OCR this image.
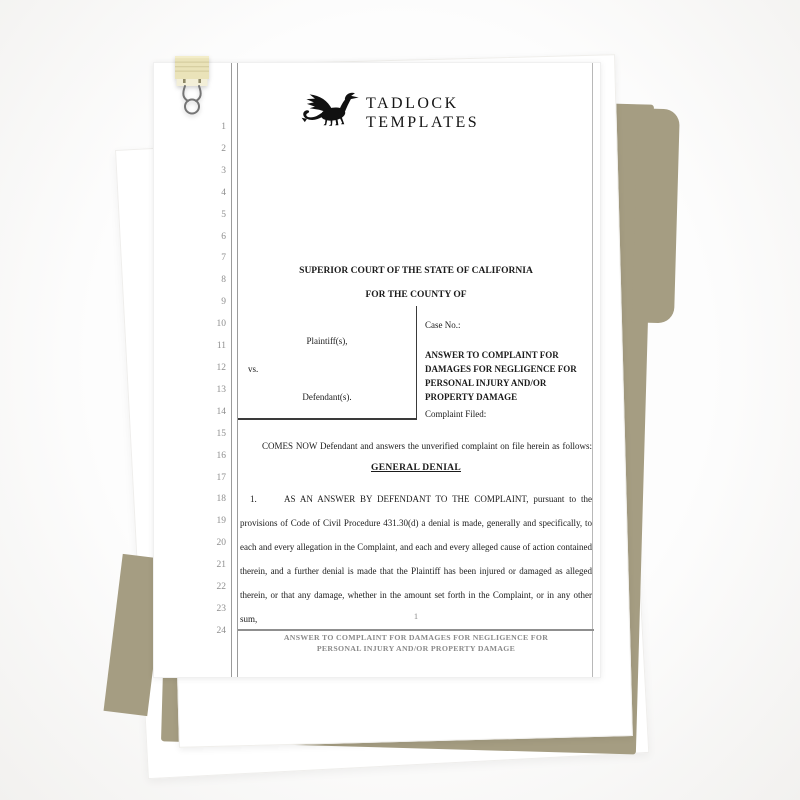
1
2
3
4
5
6
7
8
9
10
11
12
13
14
15
16
17
18
19
20
21
22
23
24
TADLOCK
TEMPLATES
SUPERIOR COURT OF THE STATE OF CALIFORNIA
FOR THE COUNTY OF
Plaintiff(s),
vs.
Defendant(s).
Case No.:
ANSWER TO COMPLAINT FOR
DAMAGES FOR NEGLIGENCE FOR
PERSONAL INJURY AND/OR
PROPERTY DAMAGE
Complaint Filed:
COMES NOW Defendant and answers the unverified complaint on file herein as follows:
GENERAL DENIAL
1.	AS AN ANSWER BY DEFENDANT TO THE COMPLAINT, pursuant to the
provisions of Code of Civil Procedure 431.30(d) a denial is made, generally and specifically, to
each and every allegation in the Complaint, and each and every alleged cause of action contained
therein, and a further denial is made that the Plaintiff has been injured or damaged as alleged
therein, or that any damage, whether in the amount set forth in the Complaint, or in any other sum,	1
ANSWER TO COMPLAINT FOR DAMAGES FOR NEGLIGENCE FOR
PERSONAL INJURY AND/OR PROPERTY DAMAGE
